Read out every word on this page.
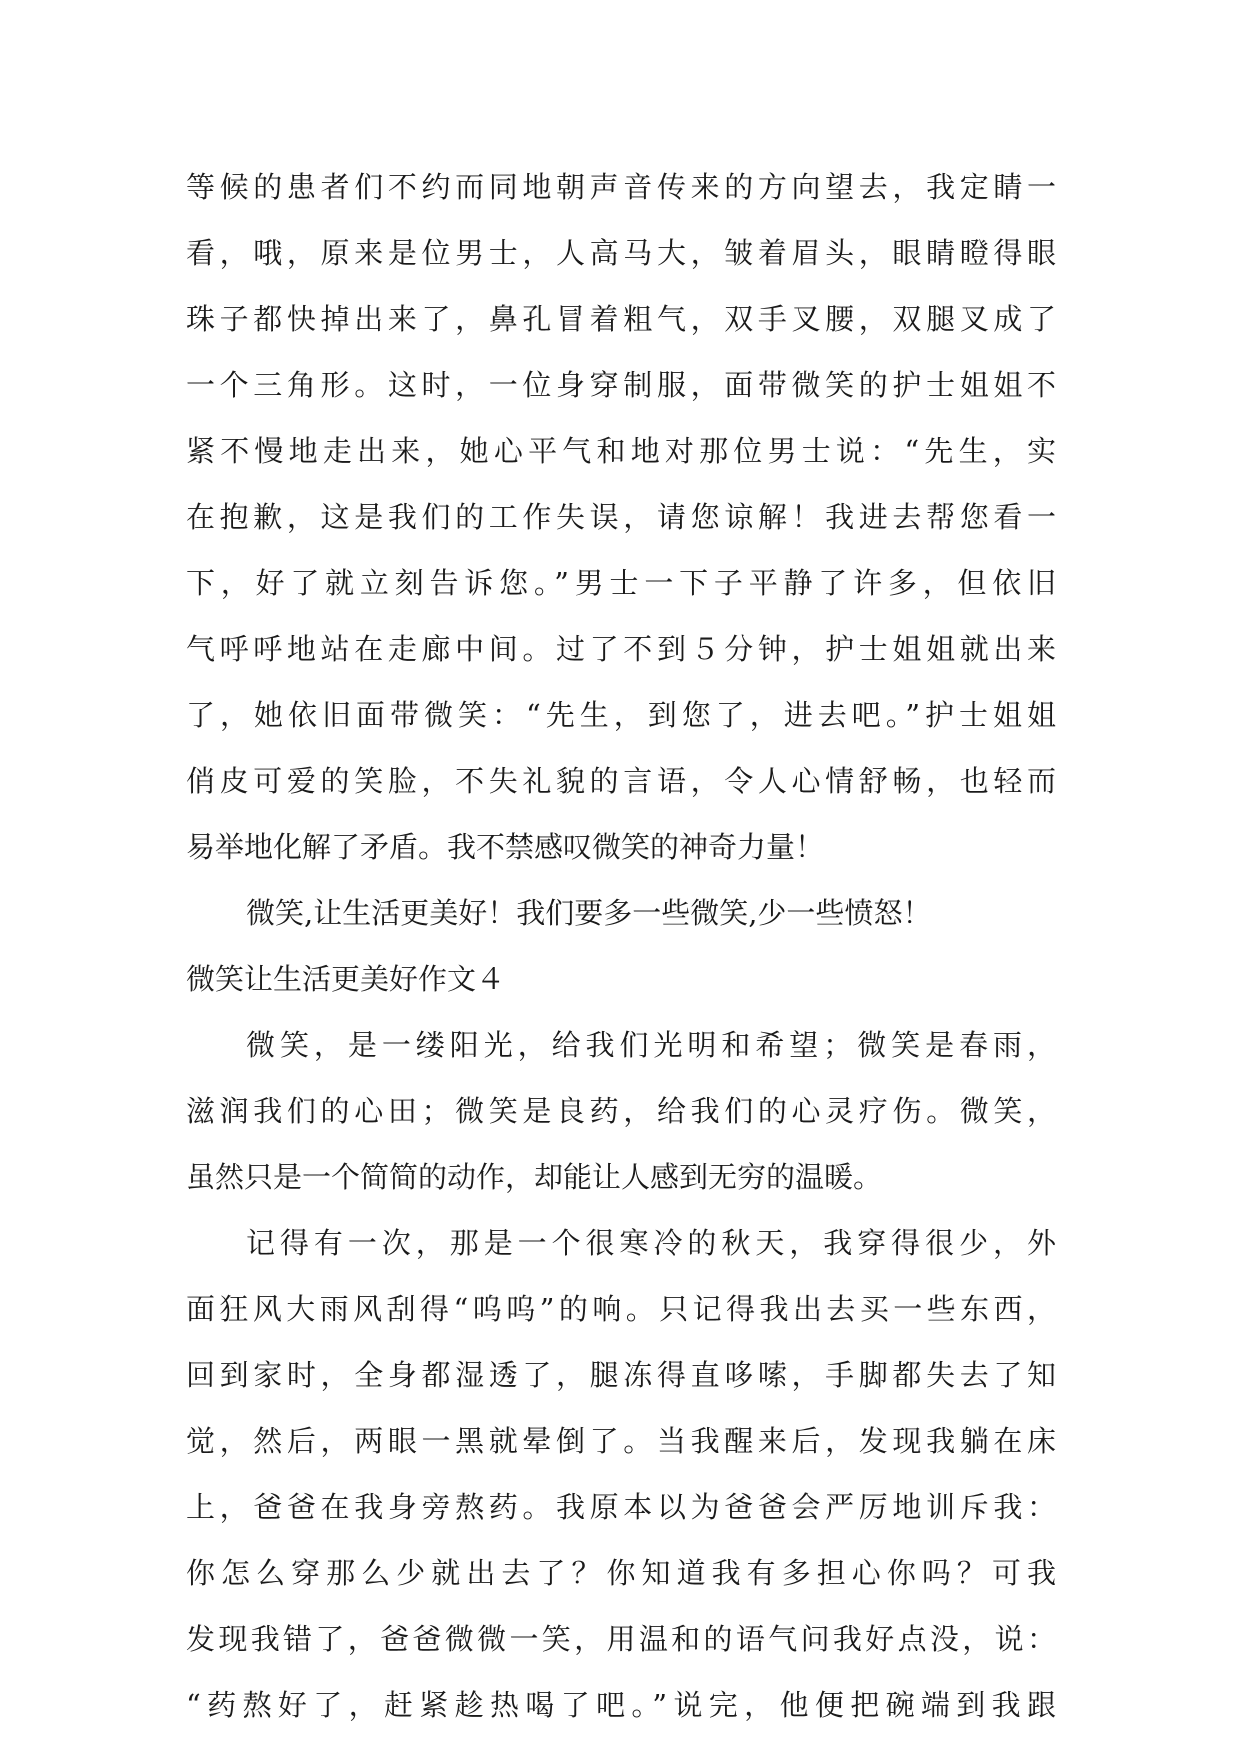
等候的患者们不约而同地朝声音传来的方向望去，我定睛一
看，哦，原来是位男士，人高马大，皱着眉头，眼睛瞪得眼
珠子都快掉出来了，鼻孔冒着粗气，双手叉腰，双腿叉成了
一个三角形。这时，一位身穿制服，面带微笑的护士姐姐不
紧不慢地走出来，她心平气和地对那位男士说：“先生，实
在抱歉，这是我们的工作失误，请您谅解！我进去帮您看一
下，好了就立刻告诉您。”男士一下子平静了许多，但依旧
气呼呼地站在走廊中间。过了不到５分钟，护士姐姐就出来
了，她依旧面带微笑：“先生，到您了，进去吧。”护士姐姐
俏皮可爱的笑脸，不失礼貌的言语，令人心情舒畅，也轻而
易举地化解了矛盾。我不禁感叹微笑的神奇力量！
微笑,让生活更美好！我们要多一些微笑,少一些愤怒！
微笑让生活更美好作文４
微笑，是一缕阳光，给我们光明和希望；微笑是春雨，
滋润我们的心田；微笑是良药，给我们的心灵疗伤。微笑，
虽然只是一个简简的动作，却能让人感到无穷的温暖。
记得有一次，那是一个很寒冷的秋天，我穿得很少，外
面狂风大雨风刮得“呜呜”的响。只记得我出去买一些东西，
回到家时，全身都湿透了，腿冻得直哆嗦，手脚都失去了知
觉，然后，两眼一黑就晕倒了。当我醒来后，发现我躺在床
上，爸爸在我身旁熬药。我原本以为爸爸会严厉地训斥我：
你怎么穿那么少就出去了？你知道我有多担心你吗？可我
发现我错了，爸爸微微一笑，用温和的语气问我好点没，说：
“药熬好了，赶紧趁热喝了吧。”说完，他便把碗端到我跟
